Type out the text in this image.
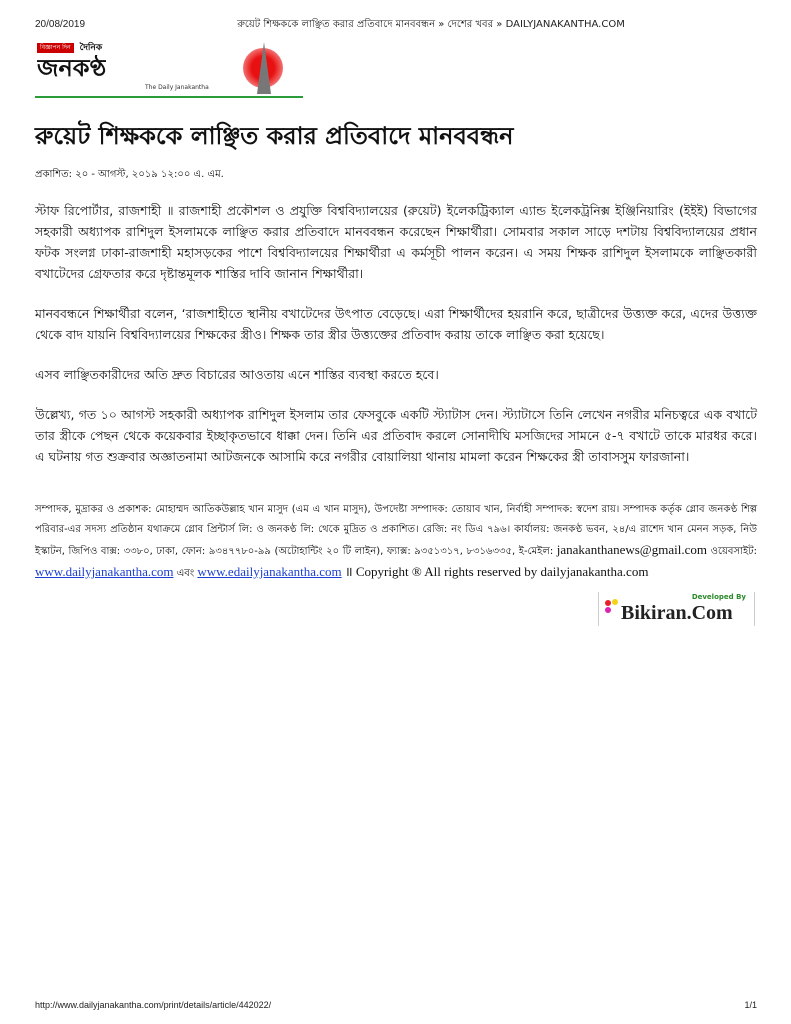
20/08/2019	রুয়েট শিক্ষককে লাঞ্ছিত করার প্রতিবাদে মানববন্ধন » দেশের খবর » DAILYJANAKANTHA.COM
বিজ্ঞাপন দিন	দৈনিক
জনকণ্ঠ
The Daily Janakantha
রুয়েট শিক্ষককে লাঞ্ছিত করার প্রতিবাদে মানববন্ধন
প্রকাশিত: ২০ - আগস্ট, ২০১৯ ১২:০০ এ. এম.

স্টাফ রিপোর্টার, রাজশাহী ॥ রাজশাহী প্রকৌশল ও প্রযুক্তি বিশ্ববিদ্যালয়ের (রুয়েট) ইলেকট্রিক্যাল এ্যান্ড ইলেকট্রনিক্স ইঞ্জিনিয়ারিং (ইইই) বিভাগের সহকারী অধ্যাপক রাশিদুল ইসলামকে লাঞ্ছিত করার প্রতিবাদে মানববন্ধন করেছেন শিক্ষার্থীরা। সোমবার সকাল সাড়ে দশটায় বিশ্ববিদ্যালয়ের প্রধান ফটক সংলগ্ন ঢাকা-রাজশাহী মহাসড়কের পাশে বিশ্ববিদ্যালয়ের শিক্ষার্থীরা এ কর্মসূচী পালন করেন। এ সময় শিক্ষক রাশিদুল ইসলামকে লাঞ্ছিতকারী বখাটেদের গ্রেফতার করে দৃষ্টান্তমূলক শাস্তির দাবি জানান শিক্ষার্থীরা।

মানববন্ধনে শিক্ষার্থীরা বলেন, ‘রাজশাহীতে স্থানীয় বখাটেদের উৎপাত বেড়েছে। এরা শিক্ষার্থীদের হয়রানি করে, ছাত্রীদের উত্ত্যক্ত করে, এদের উত্ত্যক্ত থেকে বাদ যায়নি বিশ্ববিদ্যালয়ের শিক্ষকের স্ত্রীও। শিক্ষক তার স্ত্রীর উত্ত্যক্তের প্রতিবাদ করায় তাকে লাঞ্ছিত করা হয়েছে।

এসব লাঞ্ছিতকারীদের অতি দ্রুত বিচারের আওতায় এনে শাস্তির ব্যবস্থা করতে হবে।

উল্লেখ্য, গত ১০ আগস্ট সহকারী অধ্যাপক রাশিদুল ইসলাম তার ফেসবুকে একটি স্ট্যাটাস দেন। স্ট্যাটাসে তিনি লেখেন নগরীর মনিচত্বরে এক বখাটে তার স্ত্রীকে পেছন থেকে কয়েকবার ইচ্ছাকৃতভাবে ধাক্কা দেন। তিনি এর প্রতিবাদ করলে সোনাদীঘি মসজিদের সামনে ৫-৭ বখাটে তাকে মারধর করে। এ ঘটনায় গত শুক্রবার অজ্ঞাতনামা আটজনকে আসামি করে নগরীর বোয়ালিয়া থানায় মামলা করেন শিক্ষকের স্ত্রী তাবাসসুম ফারজানা।

সম্পাদক, মুদ্রাকর ও প্রকাশক: মোহাম্মদ আতিকউল্লাহ খান মাসুদ (এম এ খান মাসুদ), উপদেষ্টা সম্পাদক: তোয়াব খান, নির্বাহী সম্পাদক: স্বদেশ রায়। সম্পাদক কর্তৃক গ্লোব জনকণ্ঠ শিল্প পরিবার-এর সদস্য প্রতিষ্ঠান যথাক্রমে গ্লোব প্রিন্টার্স লি: ও জনকণ্ঠ লি: থেকে মুদ্রিত ও প্রকাশিত। রেজি: নং ডিএ ৭৯৬। কার্যালয়: জনকণ্ঠ ভবন, ২৪/এ রাশেদ খান মেনন সড়ক, নিউ ইস্কাটন, জিপিও বাক্স: ৩৩৮০, ঢাকা, ফোন: ৯৩৪৭৭৮০-৯৯ (অটোহান্টিং ২০ টি লাইন), ফ্যাক্স: ৯৩৫১৩১৭, ৮৩১৬৩৩৫, ই-মেইল: janakanthanews@gmail.com ওয়েবসাইট: www.dailyjanakantha.com এবং www.edailyjanakantha.com ॥ Copyright ® All rights reserved by dailyjanakantha.com
Developed By
Bikiran.Com
http://www.dailyjanakantha.com/print/details/article/442022/	1/1
